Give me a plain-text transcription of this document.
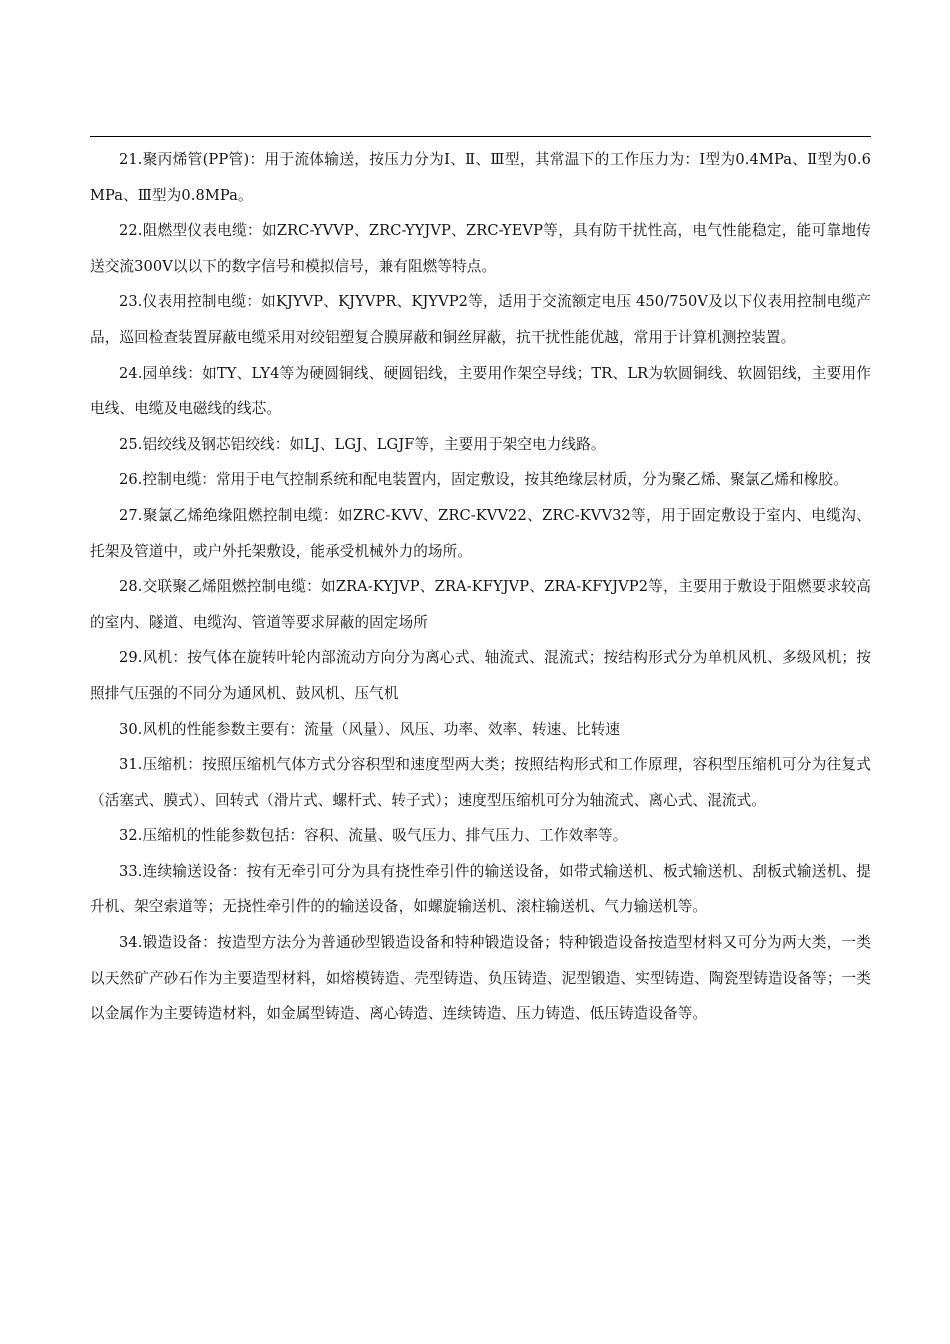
21.聚丙烯管(PP管)：用于流体输送，按压力分为Ⅰ、Ⅱ、Ⅲ型，其常温下的工作压力为：Ⅰ型为0.4MPa、Ⅱ型为0.6MPa、Ⅲ型为0.8MPa。

22.阻燃型仪表电缆：如ZRC-YVVP、ZRC-YYJVP、ZRC-YEVP等，具有防干扰性高，电气性能稳定，能可靠地传送交流300V以以下的数字信号和模拟信号，兼有阻燃等特点。

23.仪表用控制电缆：如KJYVP、KJYVPR、KJYVP2等，适用于交流额定电压 450/750V及以下仪表用控制电缆产品，巡回检查装置屏蔽电缆采用对绞铝塑复合膜屏蔽和铜丝屏蔽，抗干扰性能优越，常用于计算机测控装置。

24.园单线：如TY、LY4等为硬圆铜线、硬圆铝线，主要用作架空导线；TR、LR为软圆铜线、软圆铝线，主要用作电线、电缆及电磁线的线芯。

25.铝绞线及钢芯铝绞线：如LJ、LGJ、LGJF等，主要用于架空电力线路。

26.控制电缆：常用于电气控制系统和配电装置内，固定敷设，按其绝缘层材质，分为聚乙烯、聚氯乙烯和橡胶。

27.聚氯乙烯绝缘阻燃控制电缆：如ZRC-KVV、ZRC-KVV22、ZRC-KVV32等，用于固定敷设于室内、电缆沟、托架及管道中，或户外托架敷设，能承受机械外力的场所。

28.交联聚乙烯阻燃控制电缆：如ZRA-KYJVP、ZRA-KFYJVP、ZRA-KFYJVP2等，主要用于敷设于阻燃要求较高的室内、隧道、电缆沟、管道等要求屏蔽的固定场所

29.风机：按气体在旋转叶轮内部流动方向分为离心式、轴流式、混流式；按结构形式分为单机风机、多级风机；按照排气压强的不同分为通风机、鼓风机、压气机

30.风机的性能参数主要有：流量（风量）、风压、功率、效率、转速、比转速

31.压缩机：按照压缩机气体方式分容积型和速度型两大类；按照结构形式和工作原理，容积型压缩机可分为往复式（活塞式、膜式）、回转式（滑片式、螺杆式、转子式）；速度型压缩机可分为轴流式、离心式、混流式。

32.压缩机的性能参数包括：容积、流量、吸气压力、排气压力、工作效率等。

33.连续输送设备：按有无牵引可分为具有挠性牵引件的输送设备，如带式输送机、板式输送机、刮板式输送机、提升机、架空索道等；无挠性牵引件的的输送设备，如螺旋输送机、滚柱输送机、气力输送机等。

34.锻造设备：按造型方法分为普通砂型锻造设备和特种锻造设备；特种锻造设备按造型材料又可分为两大类，一类以天然矿产砂石作为主要造型材料，如熔模铸造、壳型铸造、负压铸造、泥型锻造、实型铸造、陶瓷型铸造设备等；一类以金属作为主要铸造材料，如金属型铸造、离心铸造、连续铸造、压力铸造、低压铸造设备等。
